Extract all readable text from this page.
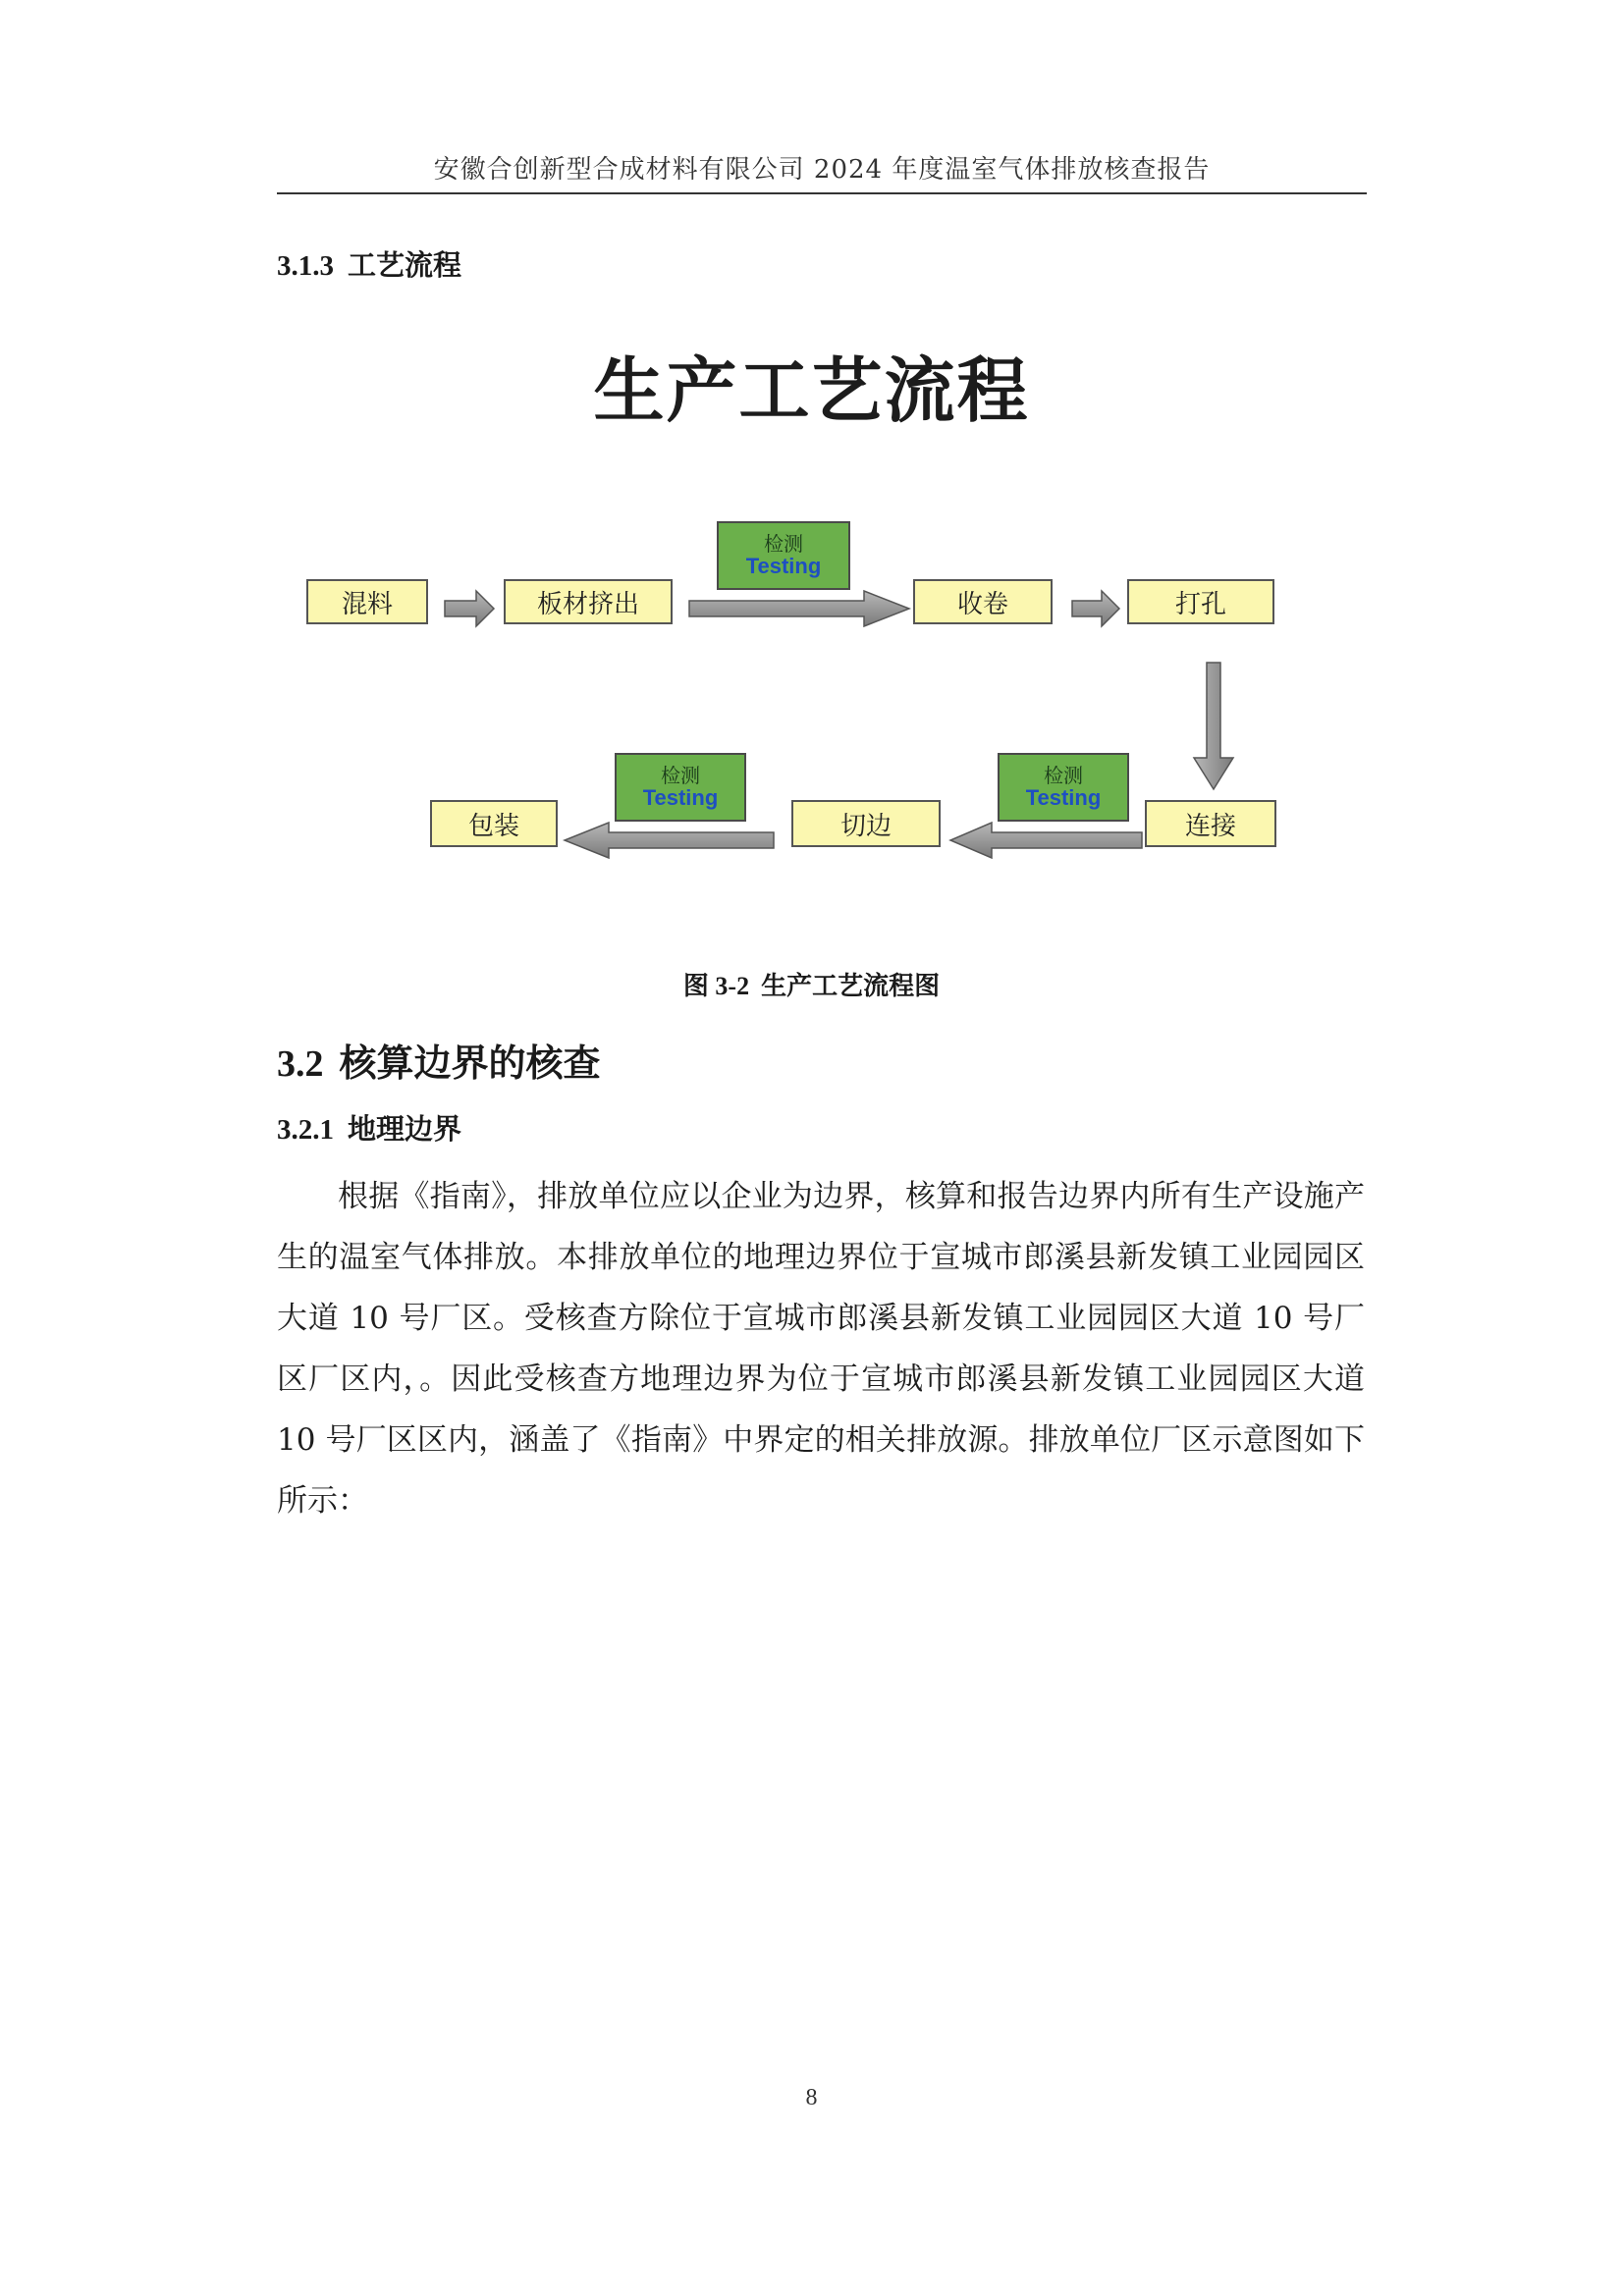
安徽合创新型合成材料有限公司 2024 年度温室气体排放核查报告
3.1.3 工艺流程
生产工艺流程
混料	板材挤出	收卷	打孔
连接
切边
包装
检测
Testing
检测
Testing
检测
Testing
图 3-2 生产工艺流程图
3.2 核算边界的核查
3.2.1 地理边界

根据《指南》，排放单位应以企业为边界，核算和报告边界内所有生产设施产生的温室气体排放。本排放单位的地理边界位于宣城市郎溪县新发镇工业园园区大道 10 号厂区。受核查方除位于宣城市郎溪县新发镇工业园园区大道 10 号厂区厂区内，。因此受核查方地理边界为位于宣城市郎溪县新发镇工业园园区大道 10 号厂区区内，涵盖了《指南》中界定的相关排放源。排放单位厂区示意图如下所示：

8
